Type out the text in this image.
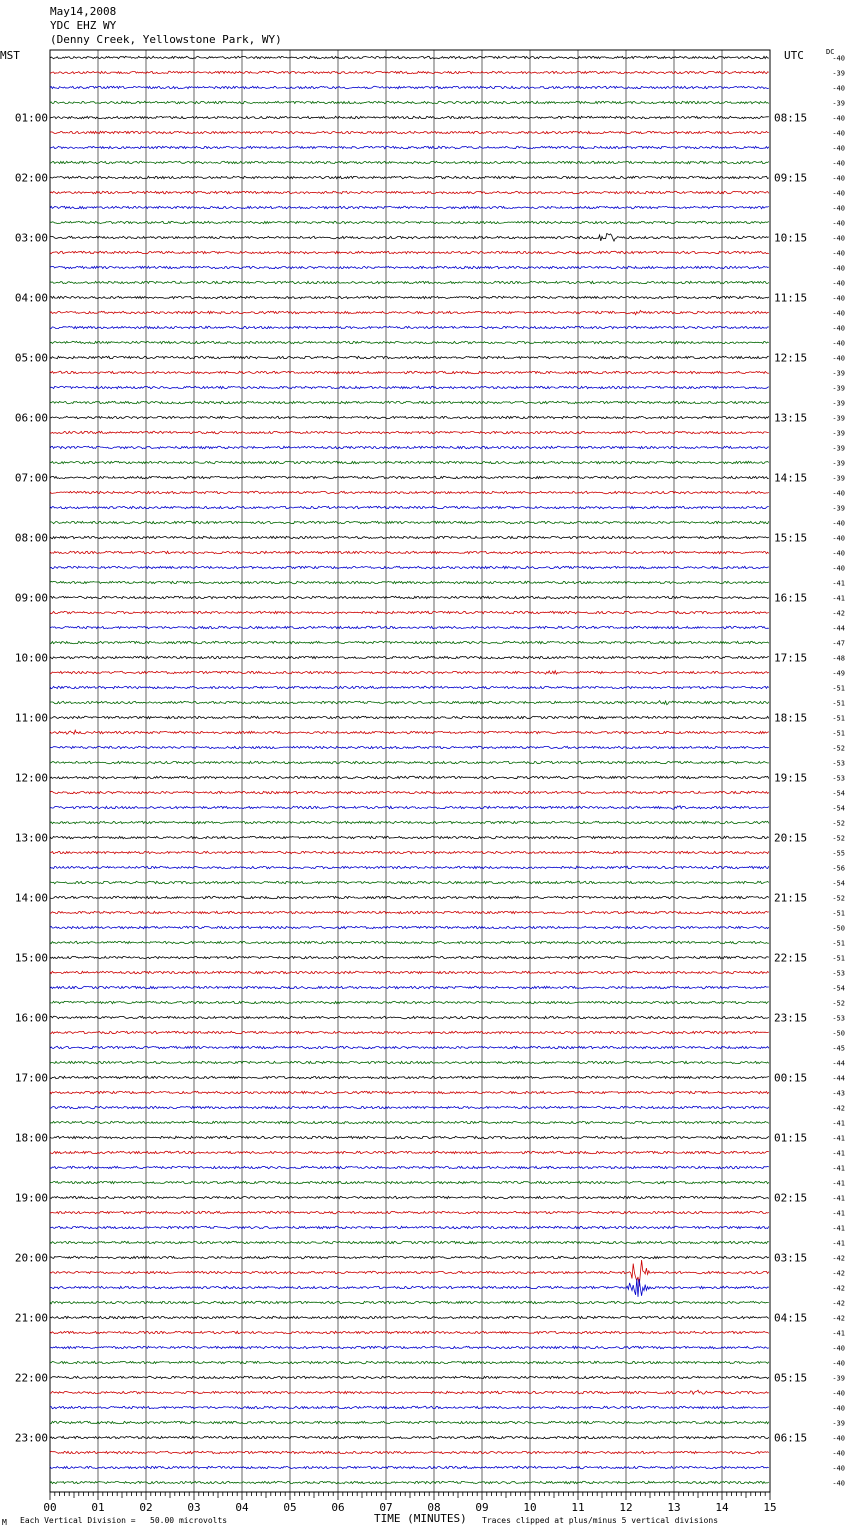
May14,2008
YDC EHZ WY
(Denny Creek, Yellowstone Park, WY)
MST	UTC	DC
01:00
02:00
03:00
04:00
05:00
06:00
07:00
08:00
09:00
10:00
11:00
12:00
13:00
14:00
15:00
16:00
17:00
18:00
19:00
20:00
21:00
22:00
23:00
08:15
09:15
10:15
11:15
12:15
13:15
14:15
15:15
16:15
17:15
18:15
19:15
20:15
21:15
22:15
23:15
00:15
01:15
02:15
03:15
04:15
05:15
06:15
-40
-39
-40
-39
-40
-40
-40
-40
-40
-40
-40
-40
-40
-40
-40
-40
-40
-40
-40
-40
-40
-39
-39
-39
-39
-39
-39
-39
-39
-40
-39
-40
-40
-40
-40
-41
-41
-42
-44
-47
-48
-49
-51
-51
-51
-51
-52
-53
-53
-54
-54
-52
-52
-55
-56
-54
-52
-51
-50
-51
-51
-53
-54
-52
-53
-50
-45
-44
-44
-43
-42
-41
-41
-41
-41
-41
-41
-41
-41
-41
-42
-42
-42
-42
-42
-41
-40
-40
-39
-40
-40
-39
-40
-40
-40
-40
00	01	02	03	04	05	06	07	08	09	10	11	12	13	14	15
M Each Vertical Division =   50.00 microvolts	TIME (MINUTES) Traces clipped at plus/minus 5 vertical divisions
